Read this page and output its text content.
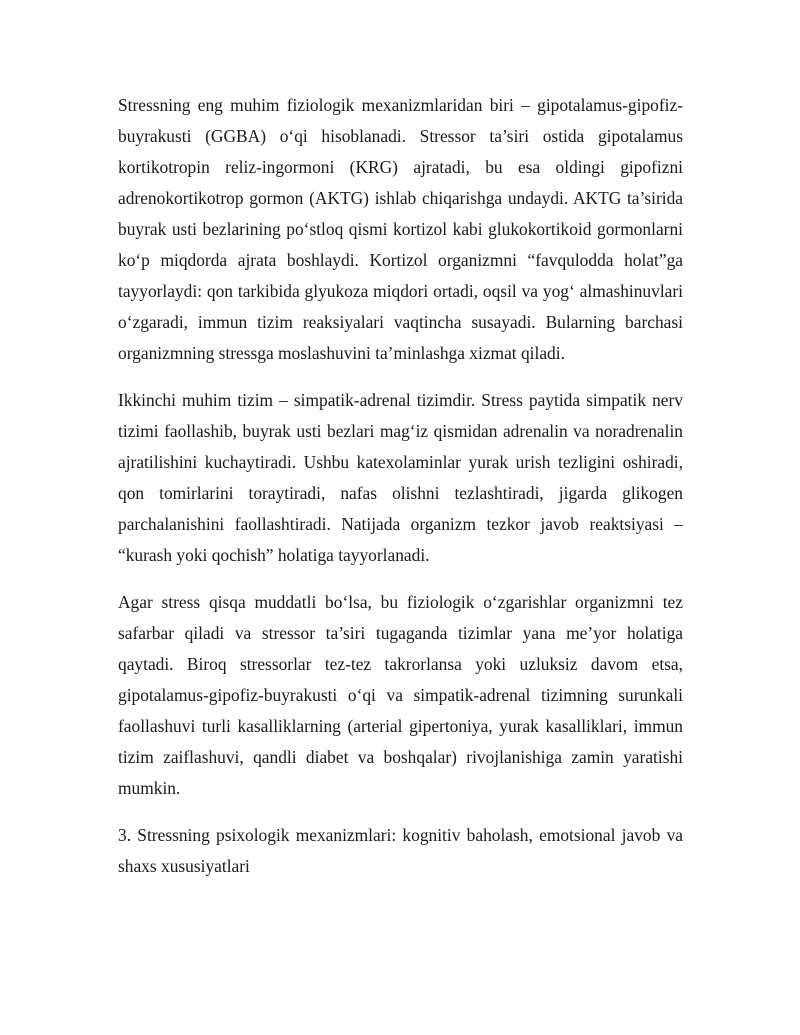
Stressning eng muhim fiziologik mexanizmlaridan biri – gipotalamus-gipofiz-buyrakusti (GGBA) o‘qi hisoblanadi. Stressor ta’siri ostida gipotalamus kortikotropin reliz-ingormoni (KRG) ajratadi, bu esa oldingi gipofizni adrenokortikotrop gormon (AKTG) ishlab chiqarishga undaydi. AKTG ta’sirida buyrak usti bezlarining po‘stloq qismi kortizol kabi glukokortikoid gormonlarni ko‘p miqdorda ajrata boshlaydi. Kortizol organizmni “favqulodda holat”ga tayyorlaydi: qon tarkibida glyukoza miqdori ortadi, oqsil va yog‘ almashinuvlari o‘zgaradi, immun tizim reaksiyalari vaqtincha susayadi. Bularning barchasi organizmning stressga moslashuvini ta’minlashga xizmat qiladi.

Ikkinchi muhim tizim – simpatik-adrenal tizimdir. Stress paytida simpatik nerv tizimi faollashib, buyrak usti bezlari mag‘iz qismidan adrenalin va noradrenalin ajratilishini kuchaytiradi. Ushbu katexolaminlar yurak urish tezligini oshiradi, qon tomirlarini toraytiradi, nafas olishni tezlashtiradi, jigarda glikogen parchalanishini faollashtiradi. Natijada organizm tezkor javob reaktsiyasi – “kurash yoki qochish” holatiga tayyorlanadi.

Agar stress qisqa muddatli bo‘lsa, bu fiziologik o‘zgarishlar organizmni tez safarbar qiladi va stressor ta’siri tugaganda tizimlar yana me’yor holatiga qaytadi. Biroq stressorlar tez-tez takrorlansa yoki uzluksiz davom etsa, gipotalamus-gipofiz-buyrakusti o‘qi va simpatik-adrenal tizimning surunkali faollashuvi turli kasalliklarning (arterial gipertoniya, yurak kasalliklari, immun tizim zaiflashuvi, qandli diabet va boshqalar) rivojlanishiga zamin yaratishi mumkin.

3. Stressning psixologik mexanizmlari: kognitiv baholash, emotsional javob va shaxs xususiyatlari
